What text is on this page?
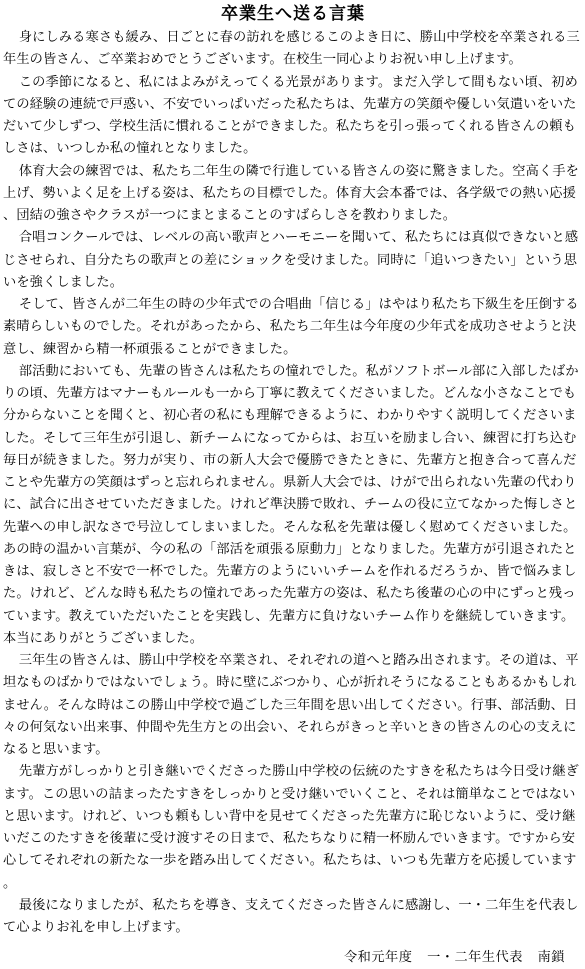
卒業生へ送る言葉

身にしみる寒さも緩み、日ごとに春の訪れを感じるこのよき日に、勝山中学校を卒業される三年生の皆さん、ご卒業おめでとうございます。在校生一同心よりお祝い申し上げます。

この季節になると、私にはよみがえってくる光景があります。まだ入学して間もない頃、初めての経験の連続で戸惑い、不安でいっぱいだった私たちは、先輩方の笑顔や優しい気遣いをいただいて少しずつ、学校生活に慣れることができました。私たちを引っ張ってくれる皆さんの頼もしさは、いつしか私の憧れとなりました。

体育大会の練習では、私たち二年生の隣で行進している皆さんの姿に驚きました。空高く手を上げ、勢いよく足を上げる姿は、私たちの目標でした。体育大会本番では、各学級での熱い応援、団結の強さやクラスが一つにまとまることのすばらしさを教わりました。

合唱コンクールでは、レベルの高い歌声とハーモニーを聞いて、私たちには真似できないと感じさせられ、自分たちの歌声との差にショックを受けました。同時に「追いつきたい」という思いを強くしました。

そして、皆さんが二年生の時の少年式での合唱曲「信じる」はやはり私たち下級生を圧倒する素晴らしいものでした。それがあったから、私たち二年生は今年度の少年式を成功させようと決意し、練習から精一杯頑張ることができました。

部活動においても、先輩の皆さんは私たちの憧れでした。私がソフトボール部に入部したばかりの頃、先輩方はマナーもルールも一から丁寧に教えてくださいました。どんな小さなことでも分からないことを聞くと、初心者の私にも理解できるように、わかりやすく説明してくださいました。そして三年生が引退し、新チームになってからは、お互いを励まし合い、練習に打ち込む毎日が続きました。努力が実り、市の新人大会で優勝できたときに、先輩方と抱き合って喜んだことや先輩方の笑顔はずっと忘れられません。県新人大会では、けがで出られない先輩の代わりに、試合に出させていただきました。けれど準決勝で敗れ、チームの役に立てなかった悔しさと先輩への申し訳なさで号泣してしまいました。そんな私を先輩は優しく慰めてくださいました。あの時の温かい言葉が、今の私の「部活を頑張る原動力」となりました。先輩方が引退されたときは、寂しさと不安で一杯でした。先輩方のようにいいチームを作れるだろうか、皆で悩みました。けれど、どんな時も私たちの憧れであった先輩方の姿は、私たち後輩の心の中にずっと残っています。教えていただいたことを実践し、先輩方に負けないチーム作りを継続していきます。本当にありがとうございました。

三年生の皆さんは、勝山中学校を卒業され、それぞれの道へと踏み出されます。その道は、平坦なものばかりではないでしょう。時に壁にぶつかり、心が折れそうになることもあるかもしれません。そんな時はこの勝山中学校で過ごした三年間を思い出してください。行事、部活動、日々の何気ない出来事、仲間や先生方との出会い、それらがきっと辛いときの皆さんの心の支えになると思います。

先輩方がしっかりと引き継いでくださった勝山中学校の伝統のたすきを私たちは今日受け継ぎます。この思いの詰まったたすきをしっかりと受け継いでいくこと、それは簡単なことではないと思います。けれど、いつも頼もしい背中を見せてくださった先輩方に恥じないように、受け継いだこのたすきを後輩に受け渡すその日まで、私たちなりに精一杯励んでいきます。ですから安心してそれぞれの新たな一歩を踏み出してください。私たちは、いつも先輩方を応援しています。

最後になりましたが、私たちを導き、支えてくださった皆さんに感謝し、一・二年生を代表して心よりお礼を申し上げます。

令和元年度 一・二年生代表 南鎖
